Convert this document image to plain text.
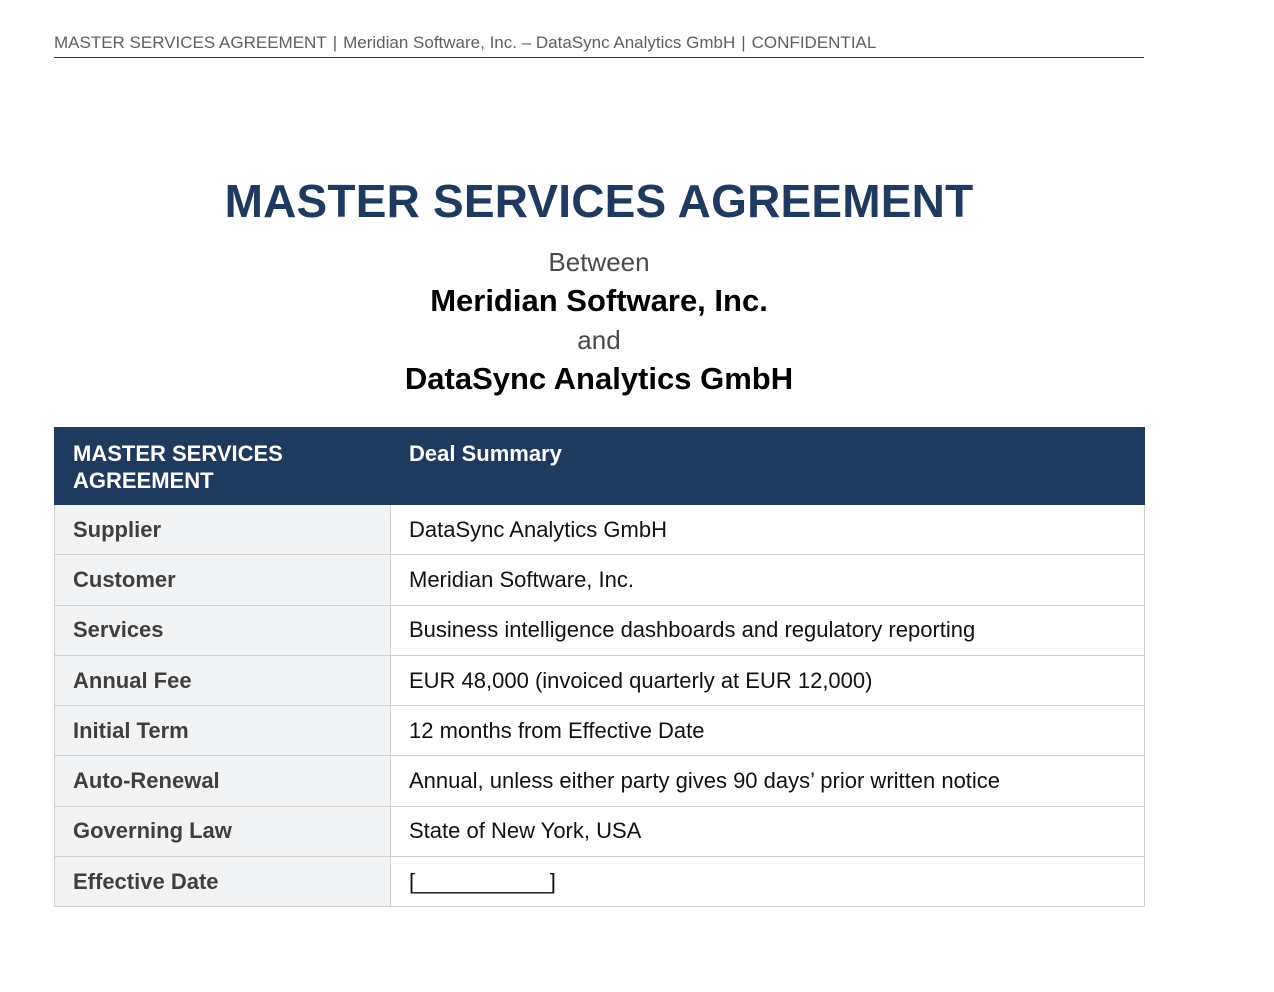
MASTER SERVICES AGREEMENT | Meridian Software, Inc. – DataSync Analytics GmbH | CONFIDENTIAL
MASTER SERVICES AGREEMENT
Between
Meridian Software, Inc.
and
DataSync Analytics GmbH
MASTER SERVICES AGREEMENT	Deal Summary
Supplier	DataSync Analytics GmbH
Customer	Meridian Software, Inc.
Services	Business intelligence dashboards and regulatory reporting
Annual Fee	EUR 48,000 (invoiced quarterly at EUR 12,000)
Initial Term	12 months from Effective Date
Auto-Renewal	Annual, unless either party gives 90 days’ prior written notice
Governing Law	State of New York, USA
Effective Date	[___________]
